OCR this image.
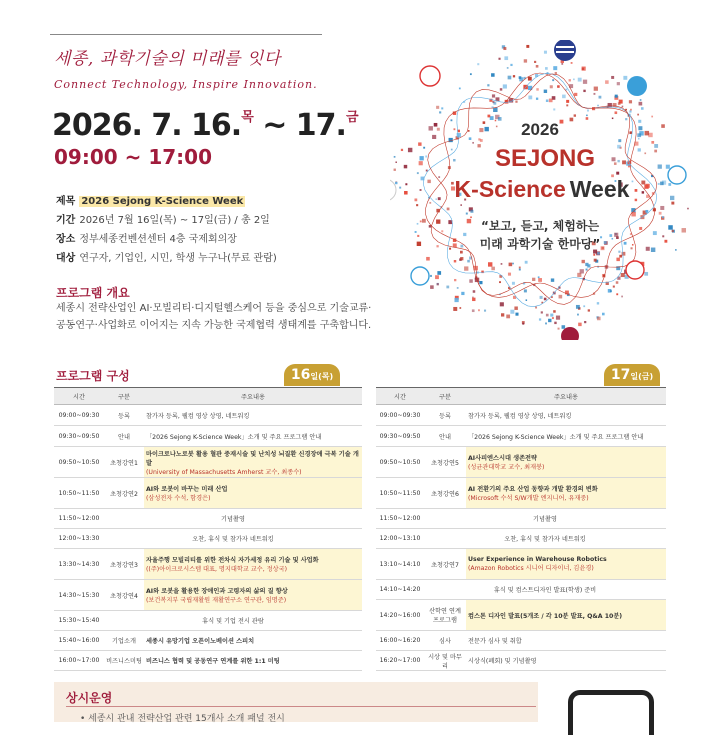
세종, 과학기술의 미래를 잇다
Connect Technology, Inspire Innovation.
2026. 7. 16.$^목$ ~ 17.$^금$
09:00 ~ 17:00
제목 2026 Sejong K-Science Week
기간 2026년 7월 16일(목) ~ 17일(금) / 총 2일
장소 정부세종컨벤션센터 4층 국제회의장
대상 연구자, 기업인, 시민, 학생 누구나(무료 관람)
프로그램 개요
세종시 전략산업인 AI·모빌리티·디지털헬스케어 등을 중심으로 기술교류·
공동연구·사업화로 이어지는 지속 가능한 국제협력 생태계를 구축합니다.
2026
SEJONG
K-Science Week
“보고, 듣고, 체험하는
미래 과학기술 한마당”
프로그램 구성	16일(목)	17일(금)
시간	구분	주요내용
09:00~09:30	등록	참가자 등록, 웰컴 영상 상영, 네트워킹

09:30~09:50	안내	「2026 Sejong K-Science Week」소개 및 주요 프로그램 안내

09:50~10:50	초청강연1	마이크로나노로봇 활용 혈관 중재시술 및 난치성 뇌질환 신경장애 극복 기술 개발
(University of Massachusetts Amherst 교수, 최종수)

10:50~11:50	초청강연2	AI와 로봇이 바꾸는 미래 산업
(삼성전자 수석, 함경은)

11:50~12:00	기념촬영	
12:00~13:30	오찬, 휴식 및 참가자 네트워킹	
13:30~14:30	초청강연3	자율주행 모빌리티를 위한 전차식 자가세정 유리 기술 및 사업화
((주)아이크로시스템 대표, 명지대학교 교수, 정상국)

14:30~15:30	초청강연4	AI와 로봇을 활용한 장애인과 고령자의 삶의 질 향상
(보건복지부 국립재활원 재활연구소 연구관, 임명준)

15:30~15:40	휴식 및 기업 전시 관람	
15:40~16:00	기업소개	세종시 유망기업 오픈이노베이션 스피치

16:00~17:00	비즈니스미팅	비즈니스 협력 및 공동연구 연계를 위한 1:1 미팅
시간	구분	주요내용
09:00~09:30	등록	참가자 등록, 웰컴 영상 상영, 네트워킹

09:30~09:50	안내	「2026 Sejong K-Science Week」소개 및 주요 프로그램 안내

09:50~10:50	초청강연5	AI사피엔스시대 생존전략
(성균관대학교 교수, 최재붕)

10:50~11:50	초청강연6	AI 전환기의 주요 산업 동향과 개발 환경의 변화
(Microsoft 수석 S/W개발 엔지니어, 유재중)

11:50~12:00	기념촬영	
12:00~13:10	오찬, 휴식 및 참가자 네트워킹	
13:10~14:10	초청강연7	User Experience in Warehouse Robotics
(Amazon Robotics 시니어 디자이너, 김윤경)

14:10~14:20	휴식 및 컴스트디자인 발표(학생) 준비	
14:20~16:00	산학연 연계 프로그램	컴스톤 디자인 발표(5개조 / 각 10분 발표, Q&A 10분)

16:00~16:20	심사	전문가 심사 및 취합

16:20~17:00	시상 및 마무리	시상식(폐회) 및 기념촬영
상시운영
• 세종시 관내 전략산업 관련 15개사 소개 패널 전시
